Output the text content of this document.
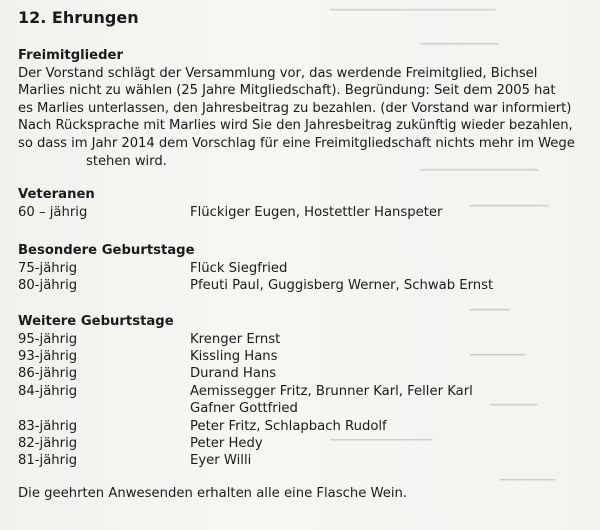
▁▁▁▁▁▁▁▁▁▁▁▁▁▁▁▁▁▁▁▁▁
▁▁▁▁▁▁▁▁▁▁
▁▁▁▁▁▁▁▁▁▁▁▁▁▁▁
▁▁▁▁▁▁▁▁▁▁
▁▁▁▁▁
▁▁▁▁▁▁▁
▁▁▁▁▁▁
▁▁▁▁▁▁▁▁▁▁▁▁▁
▁▁▁▁▁▁▁
12. Ehrungen
Freimitglieder
Der Vorstand schlägt der Versammlung vor, das werdende Freimitglied, Bichsel
Marlies nicht zu wählen (25 Jahre Mitgliedschaft). Begründung: Seit dem 2005 hat
es Marlies unterlassen, den Jahresbeitrag zu bezahlen. (der Vorstand war informiert)
Nach Rücksprache mit Marlies wird Sie den Jahresbeitrag zukünftig wieder bezahlen,
so dass im Jahr 2014 dem Vorschlag für eine Freimitgliedschaft nichts mehr im Wege
stehen wird.
Veteranen
60 – jährig	Flückiger Eugen, Hostettler Hanspeter
Besondere Geburtstage
75-jährig	Flück Siegfried
80-jährig	Pfeuti Paul, Guggisberg Werner, Schwab Ernst
Weitere Geburtstage
95-jährig	Krenger Ernst
93-jährig	Kissling Hans
86-jährig	Durand Hans
84-jährig	Aemissegger Fritz, Brunner Karl, Feller Karl
Gafner Gottfried
83-jährig	Peter Fritz, Schlapbach Rudolf
82-jährig	Peter Hedy
81-jährig	Eyer Willi
Die geehrten Anwesenden erhalten alle eine Flasche Wein.
